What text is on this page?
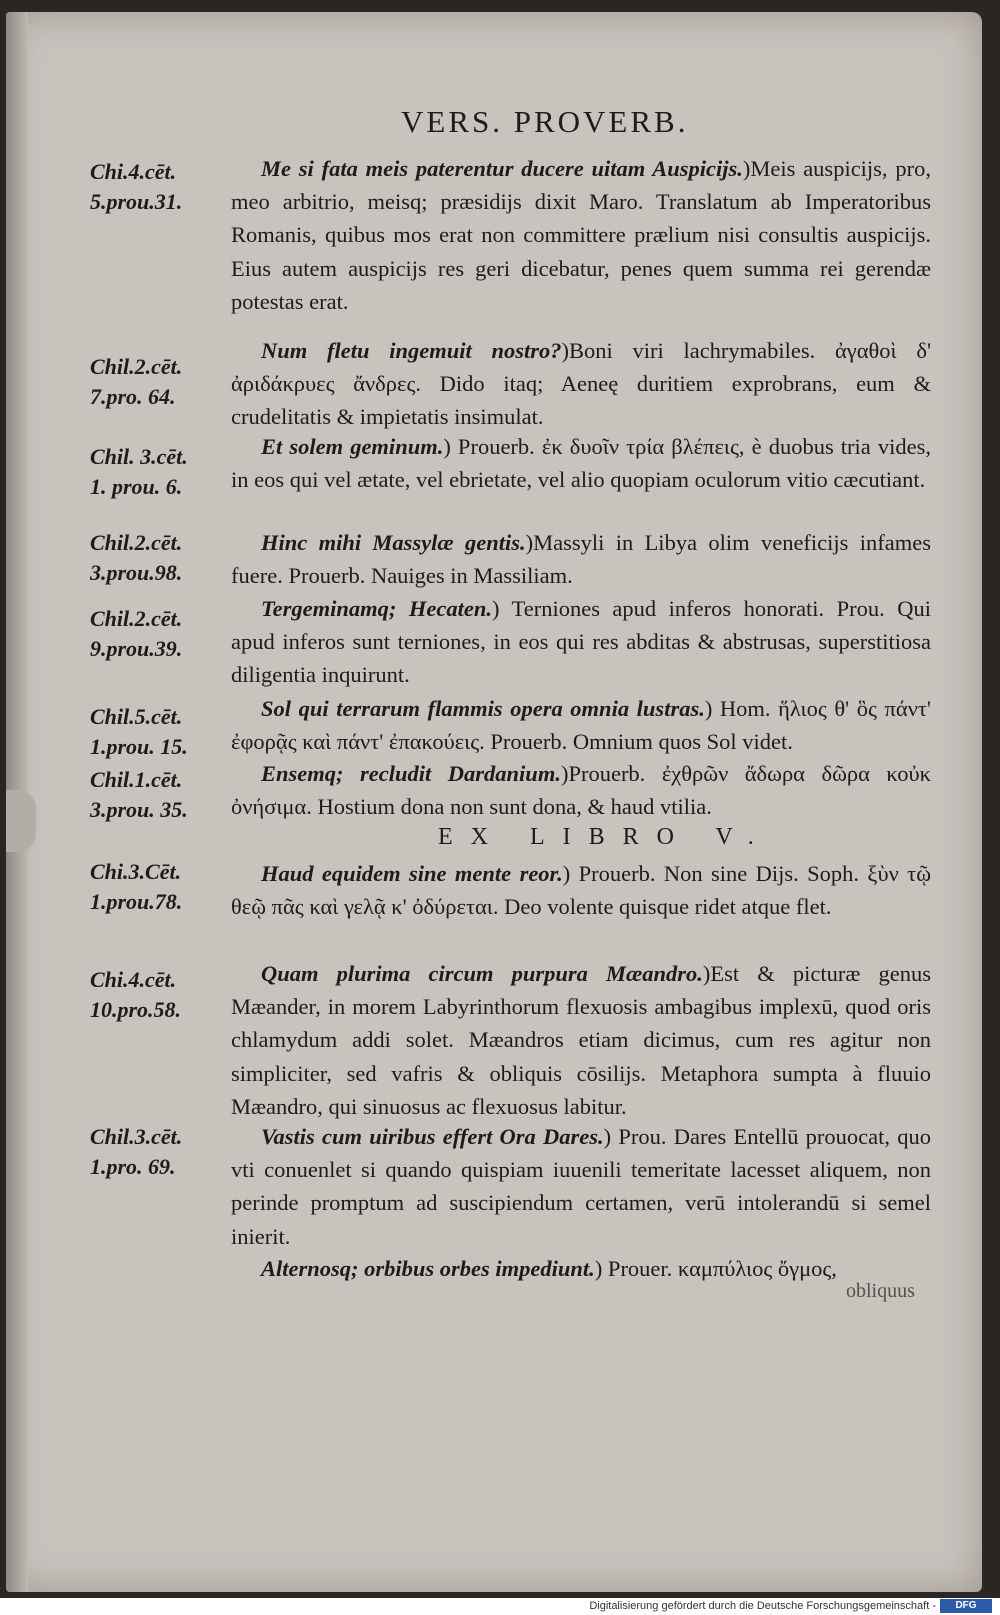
VERS. PROVERB.
Chi.4.cēt.
5.prou.31.
Me si fata meis paterentur ducere uitam Auspicijs.)Meis auspicijs, pro, meo arbitrio, meisq; præsidijs dixit Maro. Translatum ab Imperatoribus Romanis, quibus mos erat non committere prælium nisi consultis auspicijs. Eius autem auspicijs res geri dicebatur, penes quem summa rei gerendæ potestas erat.
Chil.2.cēt.
7.pro. 64.
Num fletu ingemuit nostro?)Boni viri lachrymabiles. ἀγαθοὶ δ' ἀριδάκρυες ἄνδρες. Dido itaq; Aeneę duritiem exprobrans, eum & crudelitatis & impietatis insimulat.
Chil. 3.cēt.
1. prou. 6.
Et solem geminum.) Prouerb. ἐκ δυοῖν τρία βλέπεις, è duobus tria vides, in eos qui vel ætate, vel ebrietate, vel alio quopiam oculorum vitio cæcutiant.
Chil.2.cēt.
3.prou.98.
Hinc mihi Massylæ gentis.)Massyli in Libya olim veneficijs infames fuere. Prouerb. Nauiges in Massiliam.
Chil.2.cēt.
9.prou.39.
Tergeminamq; Hecaten.) Terniones apud inferos honorati. Prou. Qui apud inferos sunt terniones, in eos qui res abditas & abstrusas, superstitiosa diligentia inquirunt.
Chil.5.cēt.
1.prou. 15.
Sol qui terrarum flammis opera omnia lustras.) Hom. ἥλιος θ' ὃς πάντ' ἐφορᾷς καὶ πάντ' ἐπακούεις. Prouerb. Omnium quos Sol videt.
Chil.1.cēt.
3.prou. 35.
Ensemq; recludit Dardanium.)Prouerb. ἐχθρῶν ἄδωρα δῶρα κοὐκ ὀνήσιμα. Hostium dona non sunt dona, & haud vtilia.
EX LIBRO V.
Chi.3.Cēt.
1.prou.78.
Haud equidem sine mente reor.) Prouerb. Non sine Dijs. Soph. ξὺν τῷ θεῷ πᾶς καὶ γελᾷ κ' ὀδύρεται. Deo volente quisque ridet atque flet.
Chi.4.cēt.
10.pro.58.
Quam plurima circum purpura Mæandro.)Est & picturæ genus Mæander, in morem Labyrinthorum flexuosis ambagibus implexū, quod oris chlamydum addi solet. Mæandros etiam dicimus, cum res agitur non simpliciter, sed vafris & obliquis cōsilijs. Metaphora sumpta à fluuio Mæandro, qui sinuosus ac flexuosus labitur.
Chil.3.cēt.
1.pro. 69.
Vastis cum uiribus effert Ora Dares.) Prou. Dares Entellū prouocat, quo vti conuenlet si quando quispiam iuuenili temeritate lacesset aliquem, non perinde promptum ad suscipiendum certamen, verū intolerandū si semel inierit.
Alternosq; orbibus orbes impediunt.) Prouer. καμπύλιος ὄγμος,
obliquus
Digitalisierung gefördert durch die Deutsche Forschungsgemeinschaft -	DFG
